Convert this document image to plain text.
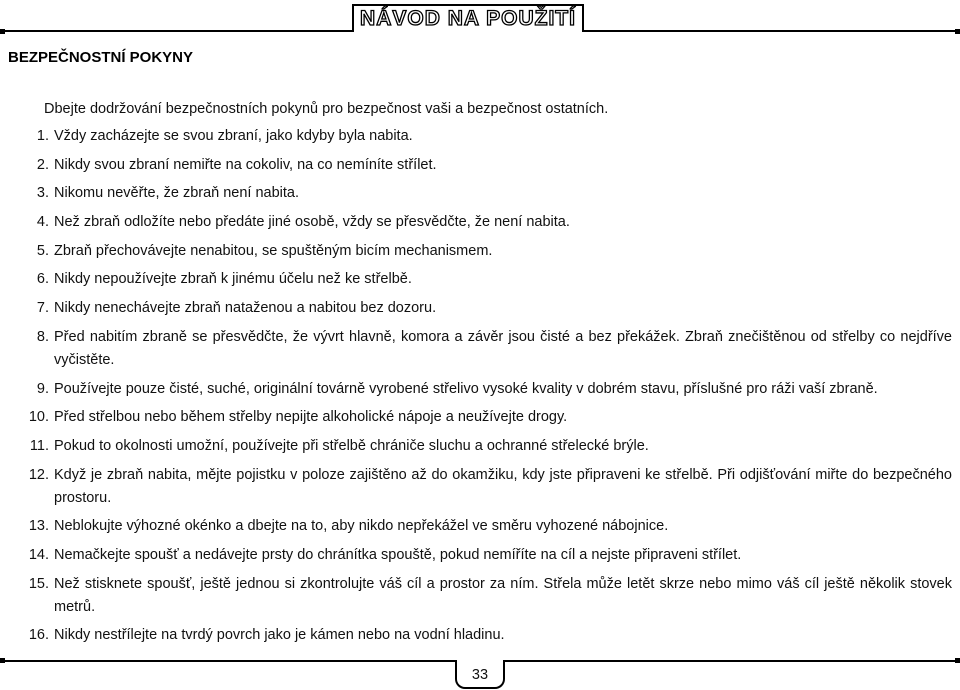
NÁVOD NA POUŽITÍ
BEZPEČNOSTNÍ POKYNY
Dbejte dodržování bezpečnostních pokynů pro bezpečnost vaši a bezpečnost ostatních.
1. Vždy zacházejte se svou zbraní, jako kdyby byla nabita.
2. Nikdy svou zbraní nemiřte na cokoliv, na co nemíníte střílet.
3. Nikomu nevěřte, že zbraň není nabita.
4. Než zbraň odložíte nebo předáte jiné osobě, vždy se přesvědčte, že není nabita.
5. Zbraň přechovávejte nenabitou, se spuštěným bicím mechanismem.
6. Nikdy nepoužívejte zbraň k jinému účelu než ke střelbě.
7. Nikdy nenechávejte zbraň nataženou a nabitou bez dozoru.
8. Před nabitím zbraně se přesvědčte, že vývrt hlavně, komora a závěr jsou čisté a bez překážek. Zbraň znečištěnou od střelby co nejdříve vyčistěte.
9. Používejte pouze čisté, suché, originální továrně vyrobené střelivo vysoké kvality v dobrém stavu, příslušné pro ráži vaší zbraně.
10. Před střelbou nebo během střelby nepijte alkoholické nápoje a neužívejte drogy.
11. Pokud to okolnosti umožní, používejte při střelbě chrániče sluchu a ochranné střelecké brýle.
12. Když je zbraň nabita, mějte pojistku v poloze zajištěno až do okamžiku, kdy jste připraveni ke střelbě. Při odjišťování miřte do bezpečného prostoru.
13. Neblokujte výhozné okénko a dbejte na to, aby nikdo nepřekážel ve směru vyhozené nábojnice.
14. Nemačkejte spoušť a nedávejte prsty do chránítka spouště, pokud nemíříte na cíl a nejste připraveni střílet.
15. Než stisknete spoušť, ještě jednou si zkontrolujte váš cíl a prostor za ním. Střela může letět skrze nebo mimo váš cíl ještě několik stovek metrů.
16. Nikdy nestřílejte na tvrdý povrch jako je kámen nebo na vodní hladinu.
33
